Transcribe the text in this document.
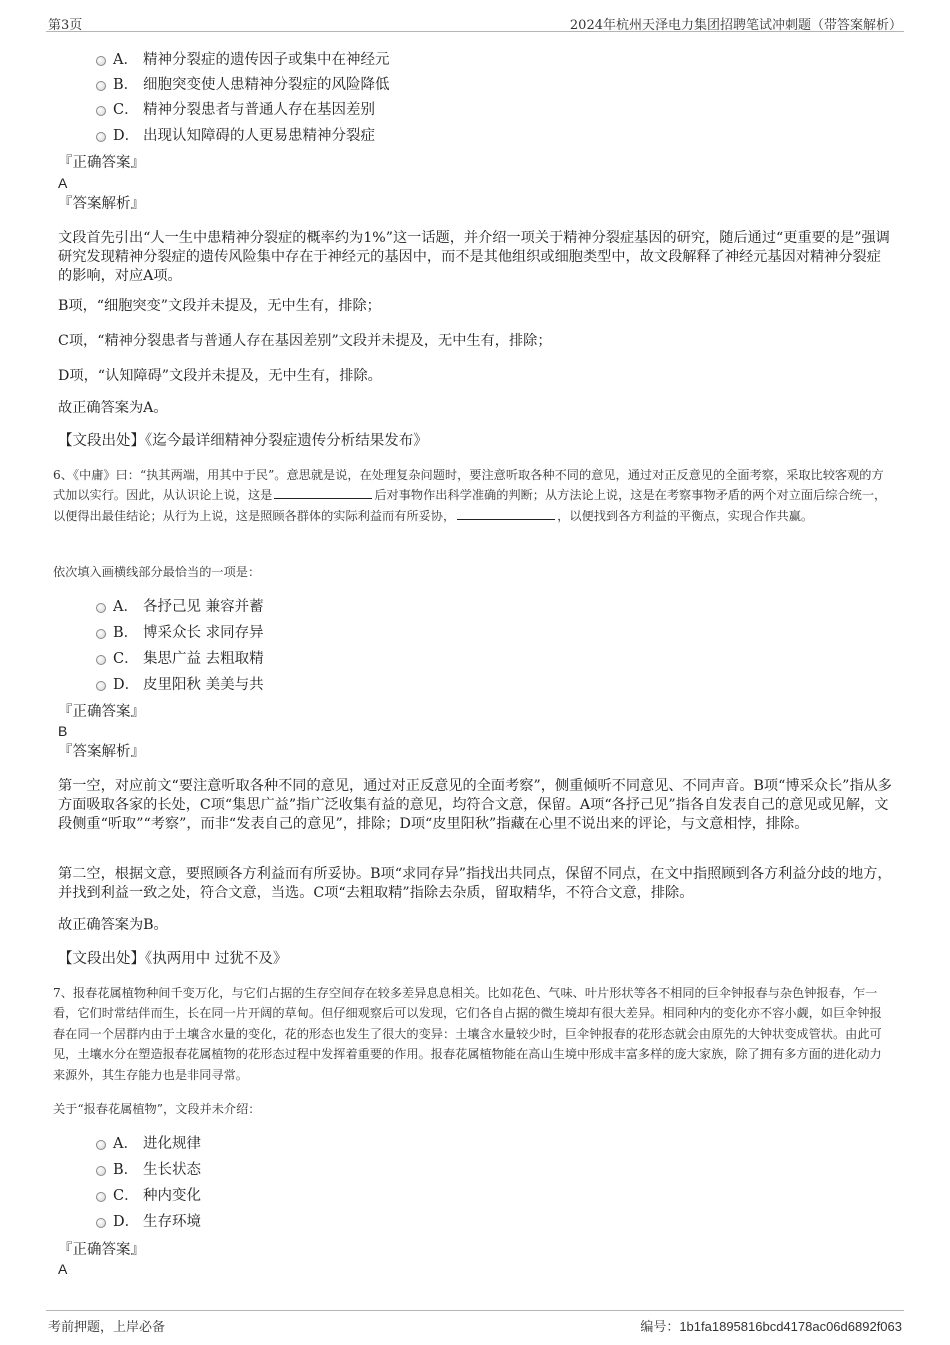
第3页	2024年杭州天泽电力集团招聘笔试冲刺题（带答案解析）
A． 精神分裂症的遗传因子或集中在神经元
B． 细胞突变使人患精神分裂症的风险降低
C． 精神分裂患者与普通人存在基因差别
D． 出现认知障碍的人更易患精神分裂症
『正确答案』
A
『答案解析』
文段首先引出“人一生中患精神分裂症的概率约为1%”这一话题，并介绍一项关于精神分裂症基因的研究，随后通过“更重要的是”强调研究发现精神分裂症的遗传风险集中存在于神经元的基因中，而不是其他组织或细胞类型中，故文段解释了神经元基因对精神分裂症的影响，对应A项。
B项，“细胞突变”文段并未提及，无中生有，排除；
C项，“精神分裂患者与普通人存在基因差别”文段并未提及，无中生有，排除；
D项，“认知障碍”文段并未提及，无中生有，排除。
故正确答案为A。
【文段出处】《迄今最详细精神分裂症遗传分析结果发布》
6、《中庸》曰：“执其两端，用其中于民”。意思就是说，在处理复杂问题时，要注意听取各种不同的意见，通过对正反意见的全面考察，采取比较客观的方式加以实行。因此，从认识论上说，这是	后对事物作出科学准确的判断；从方法论上说，这是在考察事物矛盾的两个对立面后综合统一，以便得出最佳结论；从行为上说，这是照顾各群体的实际利益而有所妥协，	，以便找到各方利益的平衡点，实现合作共赢。
依次填入画横线部分最恰当的一项是：
A． 各抒己见 兼容并蓄
B． 博采众长 求同存异
C． 集思广益 去粗取精
D． 皮里阳秋 美美与共
『正确答案』
B
『答案解析』
第一空，对应前文“要注意听取各种不同的意见，通过对正反意见的全面考察”，侧重倾听不同意见、不同声音。B项“博采众长”指从多方面吸取各家的长处，C项“集思广益”指广泛收集有益的意见，均符合文意，保留。A项“各抒己见”指各自发表自己的意见或见解，文段侧重“听取”“考察”，而非“发表自己的意见”，排除；D项“皮里阳秋”指藏在心里不说出来的评论，与文意相悖，排除。
第二空，根据文意，要照顾各方利益而有所妥协。B项“求同存异”指找出共同点，保留不同点，在文中指照顾到各方利益分歧的地方，并找到利益一致之处，符合文意，当选。C项“去粗取精”指除去杂质，留取精华，不符合文意，排除。
故正确答案为B。
【文段出处】《执两用中 过犹不及》
7、报春花属植物种间千变万化，与它们占据的生存空间存在较多差异息息相关。比如花色、气味、叶片形状等各不相同的巨伞钟报春与杂色钟报春，乍一看，它们时常结伴而生，长在同一片开阔的草甸。但仔细观察后可以发现，它们各自占据的微生境却有很大差异。相同种内的变化亦不容小觑，如巨伞钟报春在同一个居群内由于土壤含水量的变化，花的形态也发生了很大的变异：土壤含水量较少时，巨伞钟报春的花形态就会由原先的大钟状变成管状。由此可见，土壤水分在塑造报春花属植物的花形态过程中发挥着重要的作用。报春花属植物能在高山生境中形成丰富多样的庞大家族，除了拥有多方面的进化动力来源外，其生存能力也是非同寻常。
关于“报春花属植物”，文段并未介绍：
A． 进化规律
B． 生长状态
C． 种内变化
D． 生存环境
『正确答案』
A
考前押题，上岸必备	编号：1b1fa1895816bcd4178ac06d6892f063
